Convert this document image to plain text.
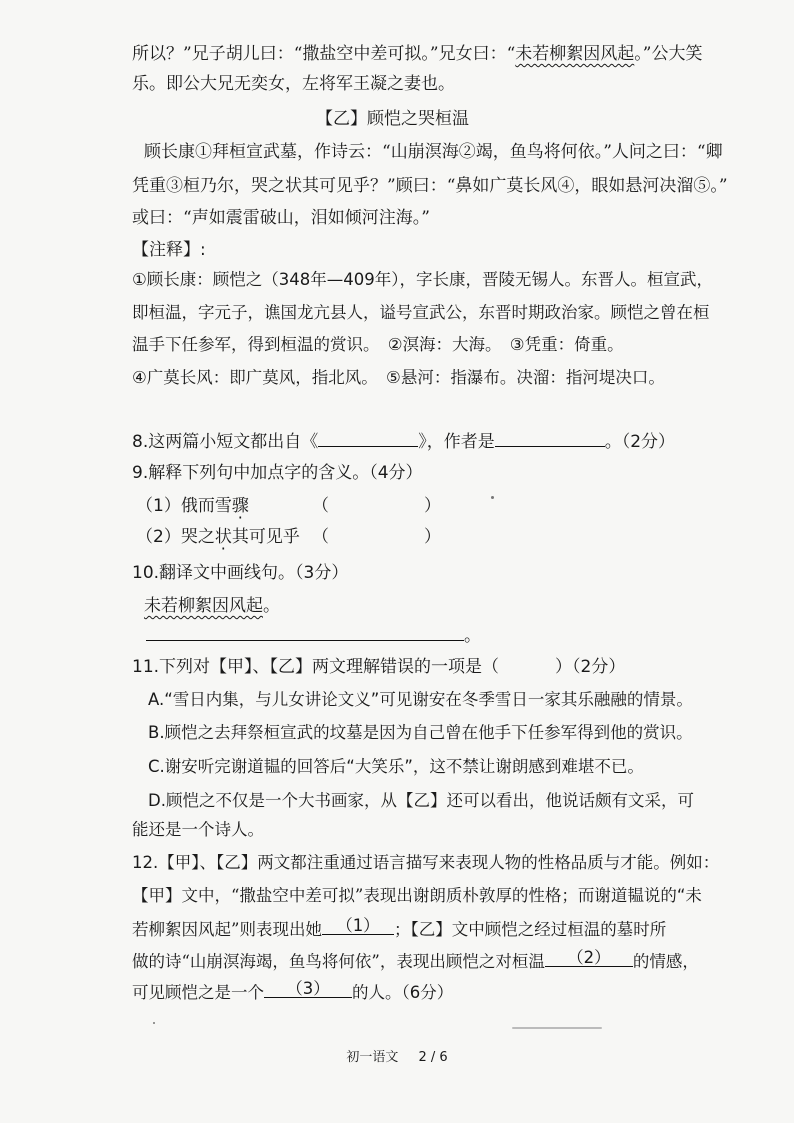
所以？”兄子胡儿曰：“撒盐空中差可拟。”兄女曰：“未若柳絮因风起。”公大笑
乐。即公大兄无奕女，左将军王凝之妻也。
【乙】顾恺之哭桓温
顾长康①拜桓宣武墓，作诗云：“山崩溟海②竭，鱼鸟将何依。”人问之曰：“卿
凭重③桓乃尔，哭之状其可见乎？”顾曰：“鼻如广莫长风④，眼如悬河决溜⑤。”
或曰：“声如震雷破山，泪如倾河注海。”
【注释】:
①顾长康：顾恺之（348年—409年），字长康，晋陵无锡人。东晋人。桓宣武，
即桓温，字元子，谯国龙亢县人，谥号宣武公，东晋时期政治家。顾恺之曾在桓
温手下任参军，得到桓温的赏识。　②溟海：大海。　③凭重：倚重。
④广莫长风：即广莫风，指北风。　⑤悬河：指瀑布。决溜：指河堤决口。
8.这两篇小短文都出自《	》，作者是	。（2分）
9.解释下列句中加点字的含义。（4分）
（1）俄而雪骤	（	）
（2）哭之状其可见乎 （	）
10.翻译文中画线句。（3分）
未若柳絮因风起。
。
11.下列对【甲】、【乙】两文理解错误的一项是（	）（2分）
A.“雪日内集，与儿女讲论文义”可见谢安在冬季雪日一家其乐融融的情景。
B.顾恺之去拜祭桓宣武的坟墓是因为自己曾在他手下任参军得到他的赏识。
C.谢安听完谢道韫的回答后“大笑乐”，这不禁让谢朗感到难堪不已。
D.顾恺之不仅是一个大书画家，从【乙】还可以看出，他说话颇有文采，可
能还是一个诗人。
12.【甲】、【乙】两文都注重通过语言描写来表现人物的性格品质与才能。例如：
【甲】文中，“撒盐空中差可拟”表现出谢朗质朴敦厚的性格；而谢道韫说的“未
若柳絮因风起”则表现出她 （1） ；【乙】文中顾恺之经过桓温的墓时所
做的诗“山崩溟海竭，鱼鸟将何依”，表现出顾恺之对桓温	（2）	的情感，
可见顾恺之是一个	（3）	的人。（6分）
初一语文 2 / 6
